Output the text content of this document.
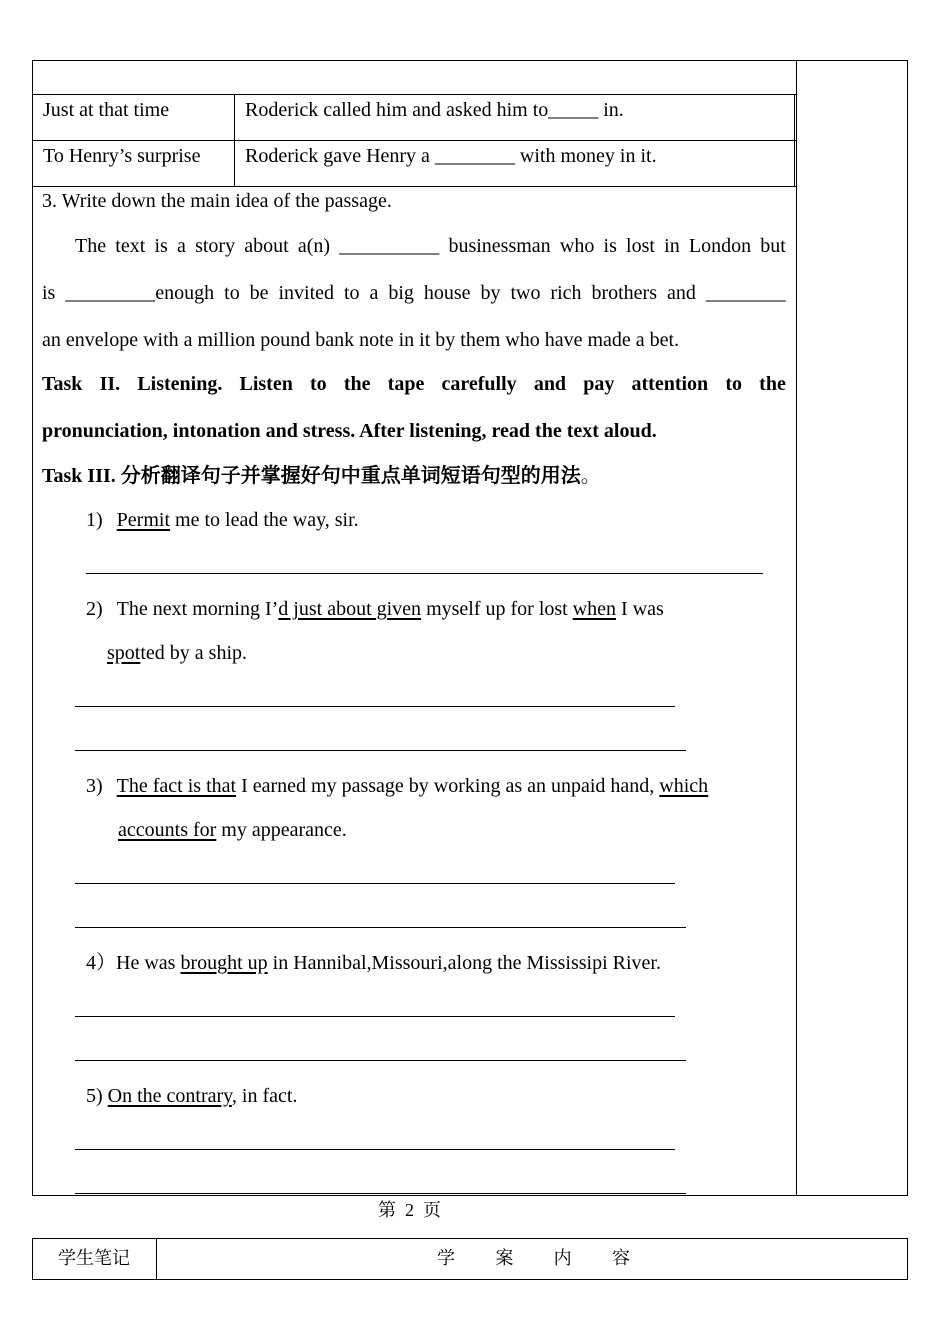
Just at that time	Roderick called him and asked him to_____ in.
To Henry’s surprise Roderick gave Henry a ________ with money in it.
3. Write down the main idea of the passage.
The text is a story about a(n) __________ businessman who is lost in London but
is _________enough to be invited to a big house by two rich brothers and ________
an envelope with a million pound bank note in it by them who have made a bet.
Task II. Listening. Listen to the tape carefully and pay attention to the
pronunciation, intonation and stress. After listening, read the text aloud.
Task III. 分析翻译句子并掌握好句中重点单词短语句型的用法。
1) Permit me to lead the way, sir.
2) The next morning I’d just about given myself up for lost when I was
spotted by a ship.
3) The fact is that I earned my passage by working as an unpaid hand, which
accounts for my appearance.
4）He was brought up in Hannibal,Missouri,along the Mississipi River.
5) On the contrary, in fact.
第  2  页
学生笔记	学 案 内 容
